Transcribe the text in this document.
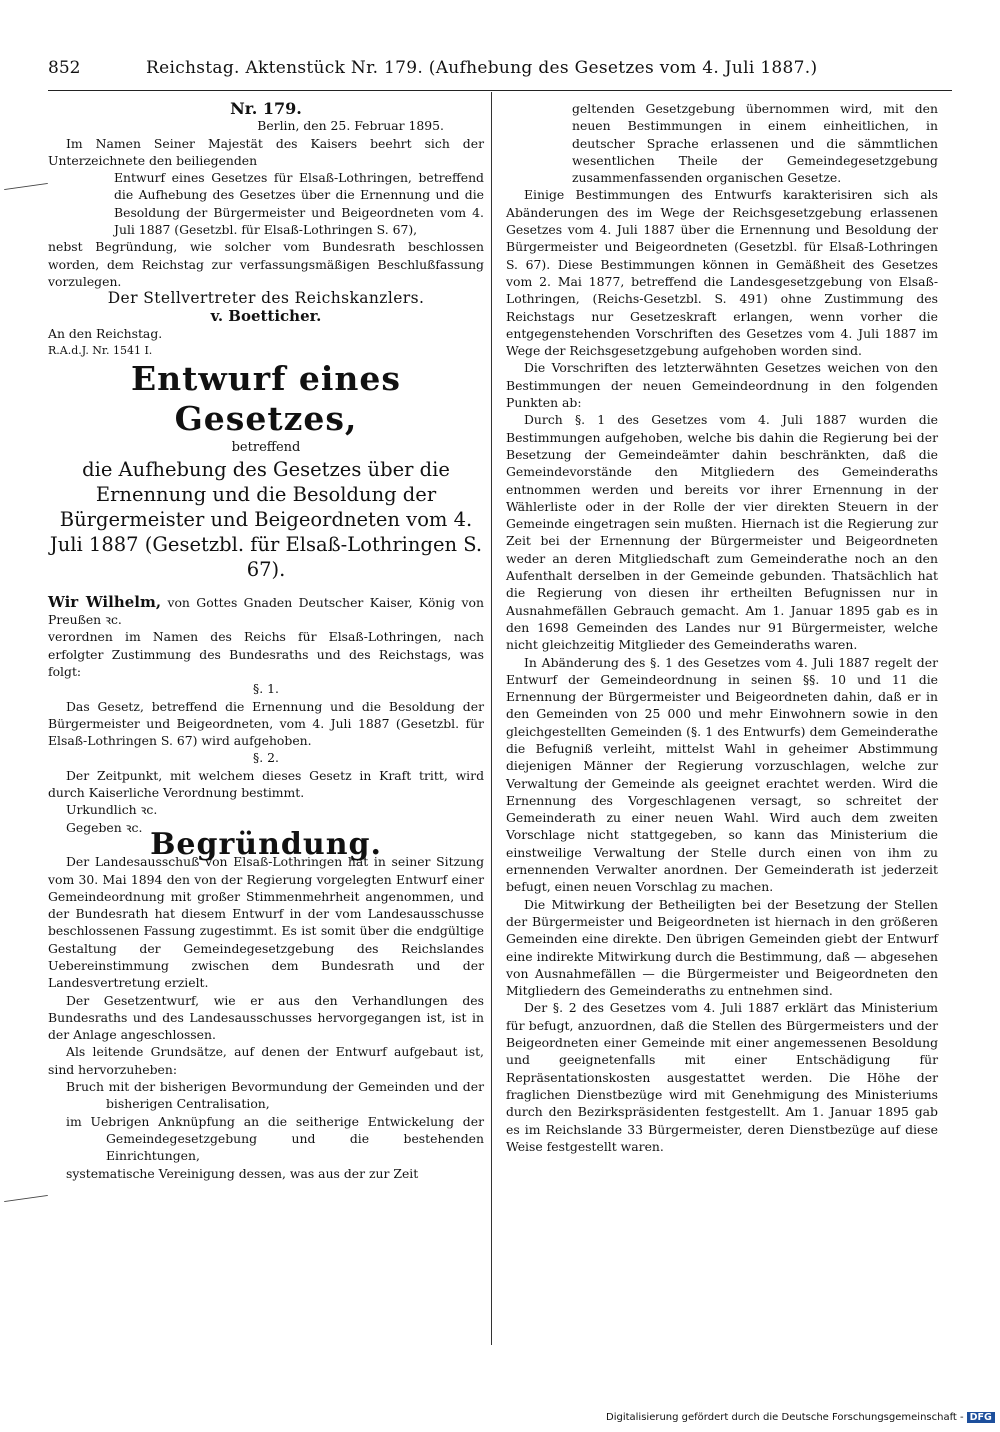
852	Reichstag. Aktenstück Nr. 179. (Aufhebung des Gesetzes vom 4. Juli 1887.)

Nr. 179.

Berlin, den 25. Februar 1895.

Im Namen Seiner Majestät des Kaisers beehrt sich der Unterzeichnete den beiliegenden

Entwurf eines Gesetzes für Elsaß-Lothringen, betreffend die Aufhebung des Gesetzes über die Ernennung und die Besoldung der Bürgermeister und Beigeordneten vom 4. Juli 1887 (Gesetzbl. für Elsaß-Lothringen S. 67),

nebst Begründung, wie solcher vom Bundesrath beschlossen worden, dem Reichstag zur verfassungsmäßigen Beschlußfassung vorzulegen.

Der Stellvertreter des Reichskanzlers.

v. Boetticher.

An den Reichstag.

R.A.d.J. Nr. 1541 I.

Entwurf eines Gesetzes,

betreffend

die Aufhebung des Gesetzes über die Ernennung und die Besoldung der Bürgermeister und Beigeordneten vom 4. Juli 1887 (Gesetzbl. für Elsaß-Lothringen S. 67).

Wir Wilhelm, von Gottes Gnaden Deutscher Kaiser, König von Preußen ꝛc.

verordnen im Namen des Reichs für Elsaß-Lothringen, nach erfolgter Zustimmung des Bundesraths und des Reichstags, was folgt:

§. 1.

Das Gesetz, betreffend die Ernennung und die Besoldung der Bürgermeister und Beigeordneten, vom 4. Juli 1887 (Gesetzbl. für Elsaß-Lothringen S. 67) wird aufgehoben.

§. 2.

Der Zeitpunkt, mit welchem dieses Gesetz in Kraft tritt, wird durch Kaiserliche Verordnung bestimmt.

Urkundlich ꝛc.

Gegeben ꝛc. Begründung.

Der Landesausschuß von Elsaß-Lothringen hat in seiner Sitzung vom 30. Mai 1894 den von der Regierung vorgelegten Entwurf einer Gemeindeordnung mit großer Stimmenmehrheit angenommen, und der Bundesrath hat diesem Entwurf in der vom Landesausschusse beschlossenen Fassung zugestimmt. Es ist somit über die endgültige Gestaltung der Gemeindegesetzgebung des Reichslandes Uebereinstimmung zwischen dem Bundesrath und der Landesvertretung erzielt.

Der Gesetzentwurf, wie er aus den Verhandlungen des Bundesraths und des Landesausschusses hervorgegangen ist, ist in der Anlage angeschlossen.

Als leitende Grundsätze, auf denen der Entwurf aufgebaut ist, sind hervorzuheben:

Bruch mit der bisherigen Bevormundung der Gemeinden und der bisherigen Centralisation,

im Uebrigen Anknüpfung an die seitherige Entwickelung der Gemeindegesetzgebung und die bestehenden Einrichtungen,

systematische Vereinigung dessen, was aus der zur Zeit

geltenden Gesetzgebung übernommen wird, mit den neuen Bestimmungen in einem einheitlichen, in deutscher Sprache erlassenen und die sämmtlichen wesentlichen Theile der Gemeindegesetzgebung zusammenfassenden organischen Gesetze.

Einige Bestimmungen des Entwurfs karakterisiren sich als Abänderungen des im Wege der Reichsgesetzgebung erlassenen Gesetzes vom 4. Juli 1887 über die Ernennung und Besoldung der Bürgermeister und Beigeordneten (Gesetzbl. für Elsaß-Lothringen S. 67). Diese Bestimmungen können in Gemäßheit des Gesetzes vom 2. Mai 1877, betreffend die Landesgesetzgebung von Elsaß-Lothringen, (Reichs-Gesetzbl. S. 491) ohne Zustimmung des Reichstags nur Gesetzeskraft erlangen, wenn vorher die entgegenstehenden Vorschriften des Gesetzes vom 4. Juli 1887 im Wege der Reichsgesetzgebung aufgehoben worden sind.

Die Vorschriften des letzterwähnten Gesetzes weichen von den Bestimmungen der neuen Gemeindeordnung in den folgenden Punkten ab:

Durch §. 1 des Gesetzes vom 4. Juli 1887 wurden die Bestimmungen aufgehoben, welche bis dahin die Regierung bei der Besetzung der Gemeindeämter dahin beschränkten, daß die Gemeindevorstände den Mitgliedern des Gemeinderaths entnommen werden und bereits vor ihrer Ernennung in der Wählerliste oder in der Rolle der vier direkten Steuern in der Gemeinde eingetragen sein mußten. Hiernach ist die Regierung zur Zeit bei der Ernennung der Bürgermeister und Beigeordneten weder an deren Mitgliedschaft zum Gemeinderathe noch an den Aufenthalt derselben in der Gemeinde gebunden. Thatsächlich hat die Regierung von diesen ihr ertheilten Befugnissen nur in Ausnahmefällen Gebrauch gemacht. Am 1. Januar 1895 gab es in den 1698 Gemeinden des Landes nur 91 Bürgermeister, welche nicht gleichzeitig Mitglieder des Gemeinderaths waren.

In Abänderung des §. 1 des Gesetzes vom 4. Juli 1887 regelt der Entwurf der Gemeindeordnung in seinen §§. 10 und 11 die Ernennung der Bürgermeister und Beigeordneten dahin, daß er in den Gemeinden von 25 000 und mehr Einwohnern sowie in den gleichgestellten Gemeinden (§. 1 des Entwurfs) dem Gemeinderathe die Befugniß verleiht, mittelst Wahl in geheimer Abstimmung diejenigen Männer der Regierung vorzuschlagen, welche zur Verwaltung der Gemeinde als geeignet erachtet werden. Wird die Ernennung des Vorgeschlagenen versagt, so schreitet der Gemeinderath zu einer neuen Wahl. Wird auch dem zweiten Vorschlage nicht stattgegeben, so kann das Ministerium die einstweilige Verwaltung der Stelle durch einen von ihm zu ernennenden Verwalter anordnen. Der Gemeinderath ist jederzeit befugt, einen neuen Vorschlag zu machen.

Die Mitwirkung der Betheiligten bei der Besetzung der Stellen der Bürgermeister und Beigeordneten ist hiernach in den größeren Gemeinden eine direkte. Den übrigen Gemeinden giebt der Entwurf eine indirekte Mitwirkung durch die Bestimmung, daß — abgesehen von Ausnahmefällen — die Bürgermeister und Beigeordneten den Mitgliedern des Gemeinderaths zu entnehmen sind.

Der §. 2 des Gesetzes vom 4. Juli 1887 erklärt das Ministerium für befugt, anzuordnen, daß die Stellen des Bürgermeisters und der Beigeordneten einer Gemeinde mit einer angemessenen Besoldung und geeignetenfalls mit einer Entschädigung für Repräsentationskosten ausgestattet werden. Die Höhe der fraglichen Dienstbezüge wird mit Genehmigung des Ministeriums durch den Bezirkspräsidenten festgestellt. Am 1. Januar 1895 gab es im Reichslande 33 Bürgermeister, deren Dienstbezüge auf diese Weise festgestellt waren.

Digitalisierung gefördert durch die Deutsche Forschungsgemeinschaft - DFG
